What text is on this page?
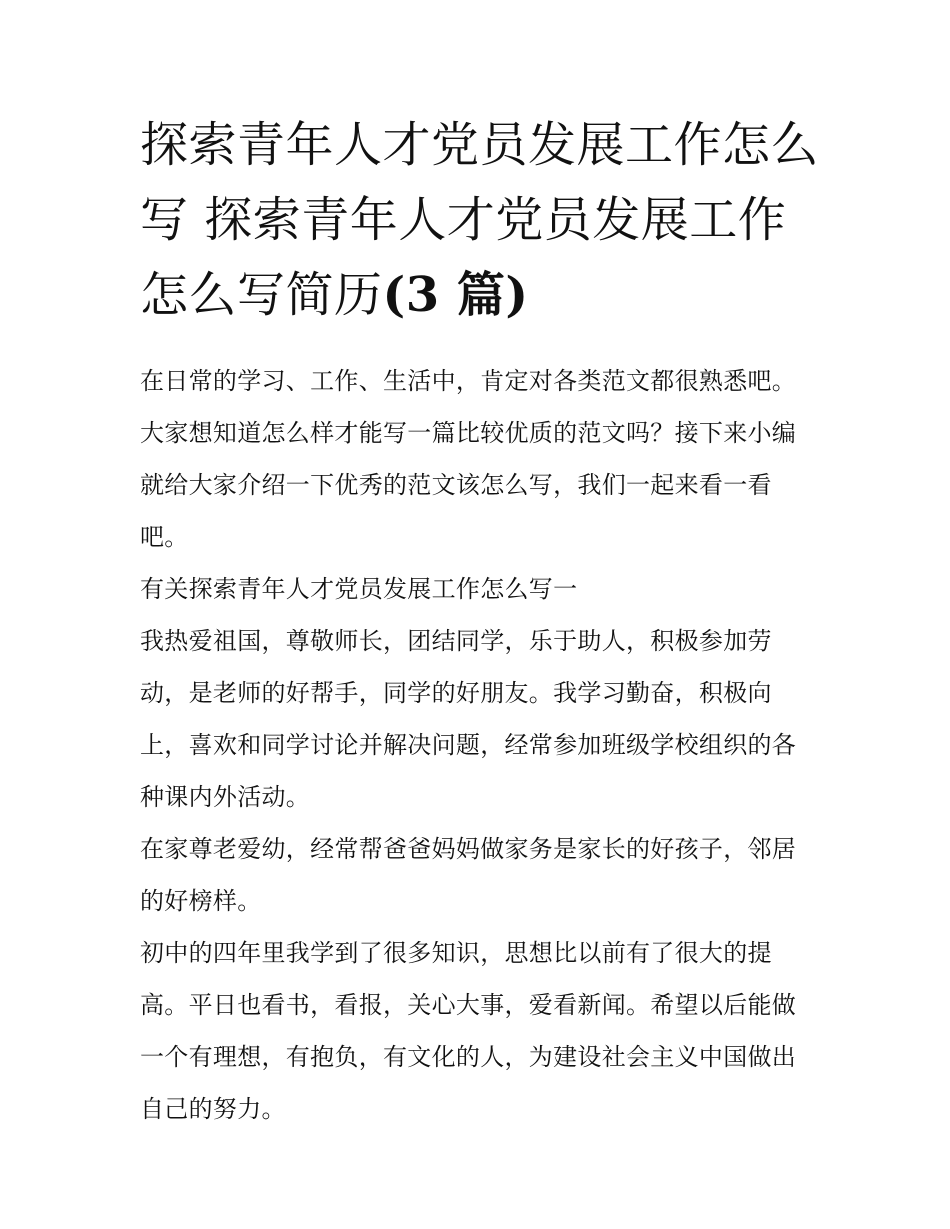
探索青年人才党员发展工作怎么写 探索青年人才党员发展工作怎么写简历(3 篇)

在日常的学习、工作、生活中，肯定对各类范文都很熟悉吧。大家想知道怎么样才能写一篇比较优质的范文吗？接下来小编就给大家介绍一下优秀的范文该怎么写，我们一起来看一看吧。

有关探索青年人才党员发展工作怎么写一

我热爱祖国，尊敬师长，团结同学，乐于助人，积极参加劳动，是老师的好帮手，同学的好朋友。我学习勤奋，积极向上，喜欢和同学讨论并解决问题，经常参加班级学校组织的各种课内外活动。

在家尊老爱幼，经常帮爸爸妈妈做家务是家长的好孩子，邻居的好榜样。

初中的四年里我学到了很多知识，思想比以前有了很大的提高。平日也看书，看报，关心大事，爱看新闻。希望以后能做一个有理想，有抱负，有文化的人，为建设社会主义中国做出自己的努力。
